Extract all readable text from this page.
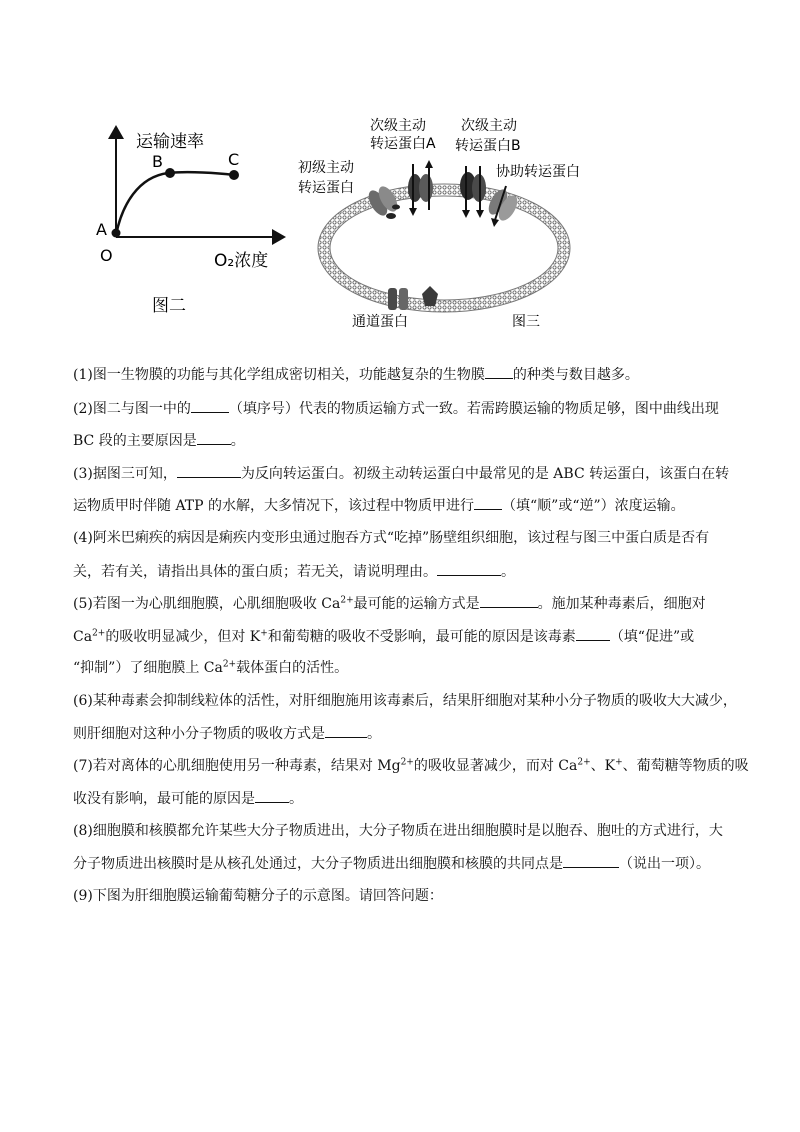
运输速率
B	C
A
O	O₂浓度
图二
次级主动
转运蛋白A
次级主动
转运蛋白B
初级主动
转运蛋白
协助转运蛋白
通道蛋白	图三
(1)图一生物膜的功能与其化学组成密切相关，功能越复杂的生物膜 的种类与数目越多。
(2)图二与图一中的	（填序号）代表的物质运输方式一致。若需跨膜运输的物质足够，图中曲线出现
BC 段的主要原因是 。
(3)据图三可知，	为反向转运蛋白。初级主动转运蛋白中最常见的是 ABC 转运蛋白，该蛋白在转
运物质甲时伴随 ATP 的水解，大多情况下，该过程中物质甲进行 （填“顺”或“逆”）浓度运输。
(4)阿米巴痢疾的病因是痢疾内变形虫通过胞吞方式“吃掉”肠壁组织细胞，该过程与图三中蛋白质是否有
关，若有关，请指出具体的蛋白质；若无关，请说明理由。	。
(5)若图一为心肌细胞膜，心肌细胞吸收 $Ca^{2+}$最可能的运输方式是	。施加某种毒素后，细胞对
$Ca^{2+}$的吸收明显减少，但对 K+和葡萄糖的吸收不受影响，最可能的原因是该毒素 （填“促进”或
“抑制”）了细胞膜上 $Ca^{2+}$载体蛋白的活性。
(6)某种毒素会抑制线粒体的活性，对肝细胞施用该毒素后，结果肝细胞对某种小分子物质的吸收大大减少，
则肝细胞对这种小分子物质的吸收方式是	。
(7)若对离体的心肌细胞使用另一种毒素，结果对 $Mg^{2+}$的吸收显著减少，而对 $Ca^{2+}$、K+、葡萄糖等物质的吸
收没有影响，最可能的原因是 。
(8)细胞膜和核膜都允许某些大分子物质进出，大分子物质在进出细胞膜时是以胞吞、胞吐的方式进行，大
分子物质进出核膜时是从核孔处通过，大分子物质进出细胞膜和核膜的共同点是	（说出一项）。
(9)下图为肝细胞膜运输葡萄糖分子的示意图。请回答问题：
